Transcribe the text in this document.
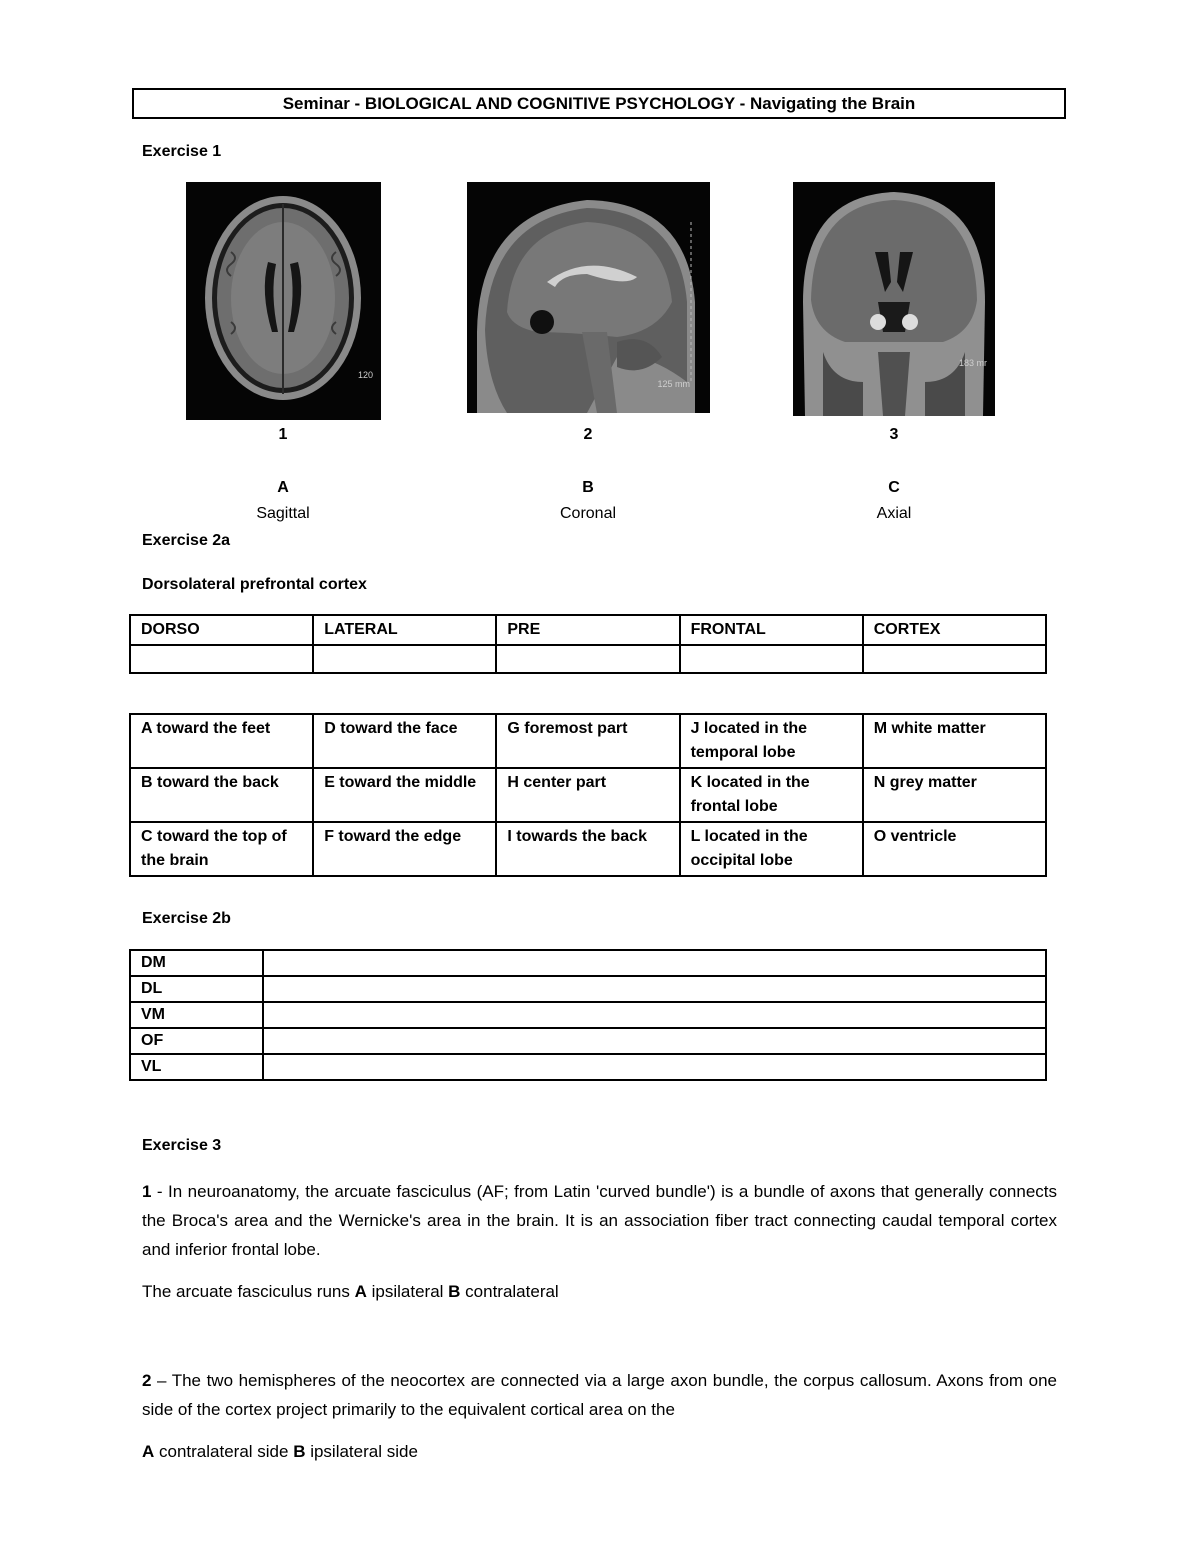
Seminar - BIOLOGICAL AND COGNITIVE PSYCHOLOGY - Navigating the Brain
Exercise 1
120
125 mm
183 mr
1	2	3
A	B	C
Sagittal	Coronal	Axial
Exercise 2a
Dorsolateral prefrontal cortex
DORSO	LATERAL	PRE	FRONTAL	CORTEX

A toward the feet	D toward the face	G foremost part	J located in the temporal lobe	M white matter
B toward the back	E toward the middle	H center part	K located in the frontal lobe	N grey matter
C toward the top of the brain	F toward the edge	I towards the back	L located in the occipital lobe	O ventricle
Exercise 2b
DM	
DL	
VM	
OF	
VL	
Exercise 3
1 - In neuroanatomy, the arcuate fasciculus (AF; from Latin 'curved bundle') is a bundle of axons that generally connects the Broca's area and the Wernicke's area in the brain. It is an association fiber tract connecting caudal temporal cortex and inferior frontal lobe.
The arcuate fasciculus runs A ipsilateral B contralateral
2 – The two hemispheres of the neocortex are connected via a large axon bundle, the corpus callosum. Axons from one side of the cortex project primarily to the equivalent cortical area on the
A contralateral side B ipsilateral side
